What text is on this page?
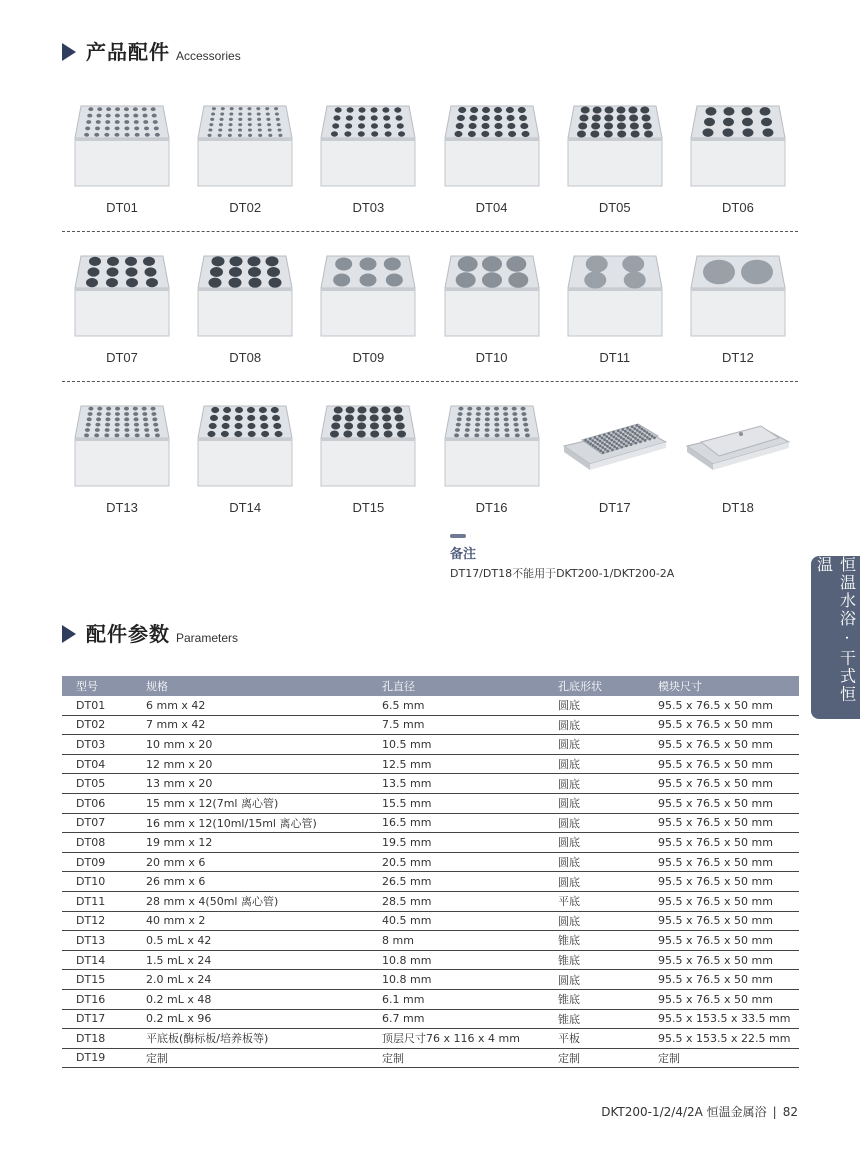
产品配件 Accessories
DT01	DT02	DT03	DT04	DT05	DT06
DT07	DT08	DT09	DT10	DT11	DT12
DT13	DT14	DT15	DT16	DT17	DT18
备注
DT17/DT18不能用于DKT200-1/DKT200-2A	恒温水浴 · 干式恒温
配件参数 Parameters
型号	规格	孔直径	孔底形状	模块尺寸
DT01	6 mm x 42	6.5 mm	圆底	95.5 x 76.5 x 50 mm
DT02	7 mm x 42	7.5 mm	圆底	95.5 x 76.5 x 50 mm
DT03	10 mm x 20	10.5 mm	圆底	95.5 x 76.5 x 50 mm
DT04	12 mm x 20	12.5 mm	圆底	95.5 x 76.5 x 50 mm
DT05	13 mm x 20	13.5 mm	圆底	95.5 x 76.5 x 50 mm
DT06	15 mm x 12(7ml 离心管)	15.5 mm	圆底	95.5 x 76.5 x 50 mm
DT07	16 mm x 12(10ml/15ml 离心管)	16.5 mm	圆底	95.5 x 76.5 x 50 mm
DT08	19 mm x 12	19.5 mm	圆底	95.5 x 76.5 x 50 mm
DT09	20 mm x 6	20.5 mm	圆底	95.5 x 76.5 x 50 mm
DT10	26 mm x 6	26.5 mm	圆底	95.5 x 76.5 x 50 mm
DT11	28 mm x 4(50ml 离心管)	28.5 mm	平底	95.5 x 76.5 x 50 mm
DT12	40 mm x 2	40.5 mm	圆底	95.5 x 76.5 x 50 mm
DT13	0.5 mL x 42	8 mm	锥底	95.5 x 76.5 x 50 mm
DT14	1.5 mL x 24	10.8 mm	锥底	95.5 x 76.5 x 50 mm
DT15	2.0 mL x 24	10.8 mm	圆底	95.5 x 76.5 x 50 mm
DT16	0.2 mL x 48	6.1 mm	锥底	95.5 x 76.5 x 50 mm
DT17	0.2 mL x 96	6.7 mm	锥底	95.5 x 153.5 x 33.5 mm
DT18	平底板(酶标板/培养板等)	顶层尺寸76 x 116 x 4 mm	平板	95.5 x 153.5 x 22.5 mm
DT19	定制	定制	定制	定制
DKT200-1/2/4/2A 恒温金属浴 | 82
